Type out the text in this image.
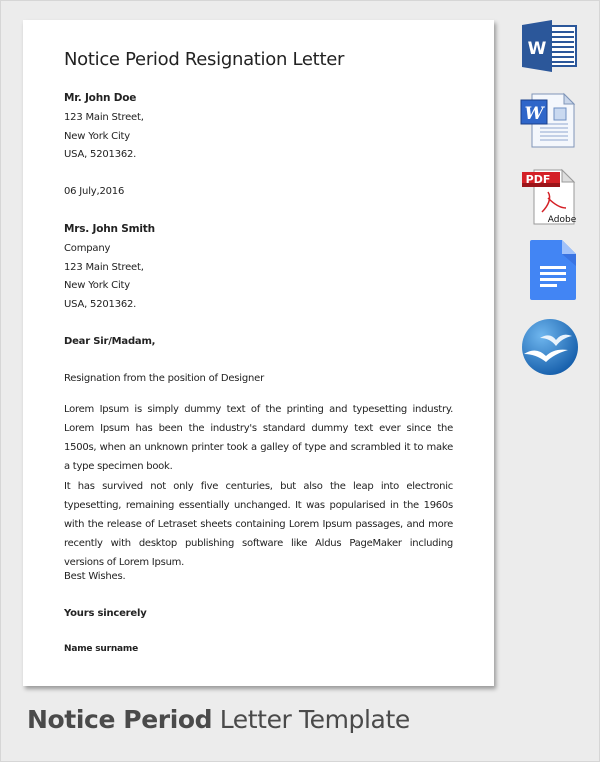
Notice Period Resignation Letter
Mr. John Doe
123 Main Street,
New York City
USA, 5201362.
06 July,2016
Mrs. John Smith
Company
123 Main Street,
New York City
USA, 5201362.
Dear Sir/Madam,
Resignation from the position of Designer
Lorem Ipsum is simply dummy text of the printing and typesetting industry. Lorem Ipsum has been the industry's standard dummy text ever since the 1500s, when an unknown printer took a galley of type and scrambled it to make a type specimen book.
It has survived not only five centuries, but also the leap into electronic typesetting, remaining essentially unchanged. It was popularised in the 1960s with the release of Letraset sheets containing Lorem Ipsum passages, and more recently with desktop publishing software like Aldus PageMaker including versions of Lorem Ipsum.
Best Wishes.
Yours sincerely
Name surname
W
W
PDF
Adobe
Notice Period Letter Template
